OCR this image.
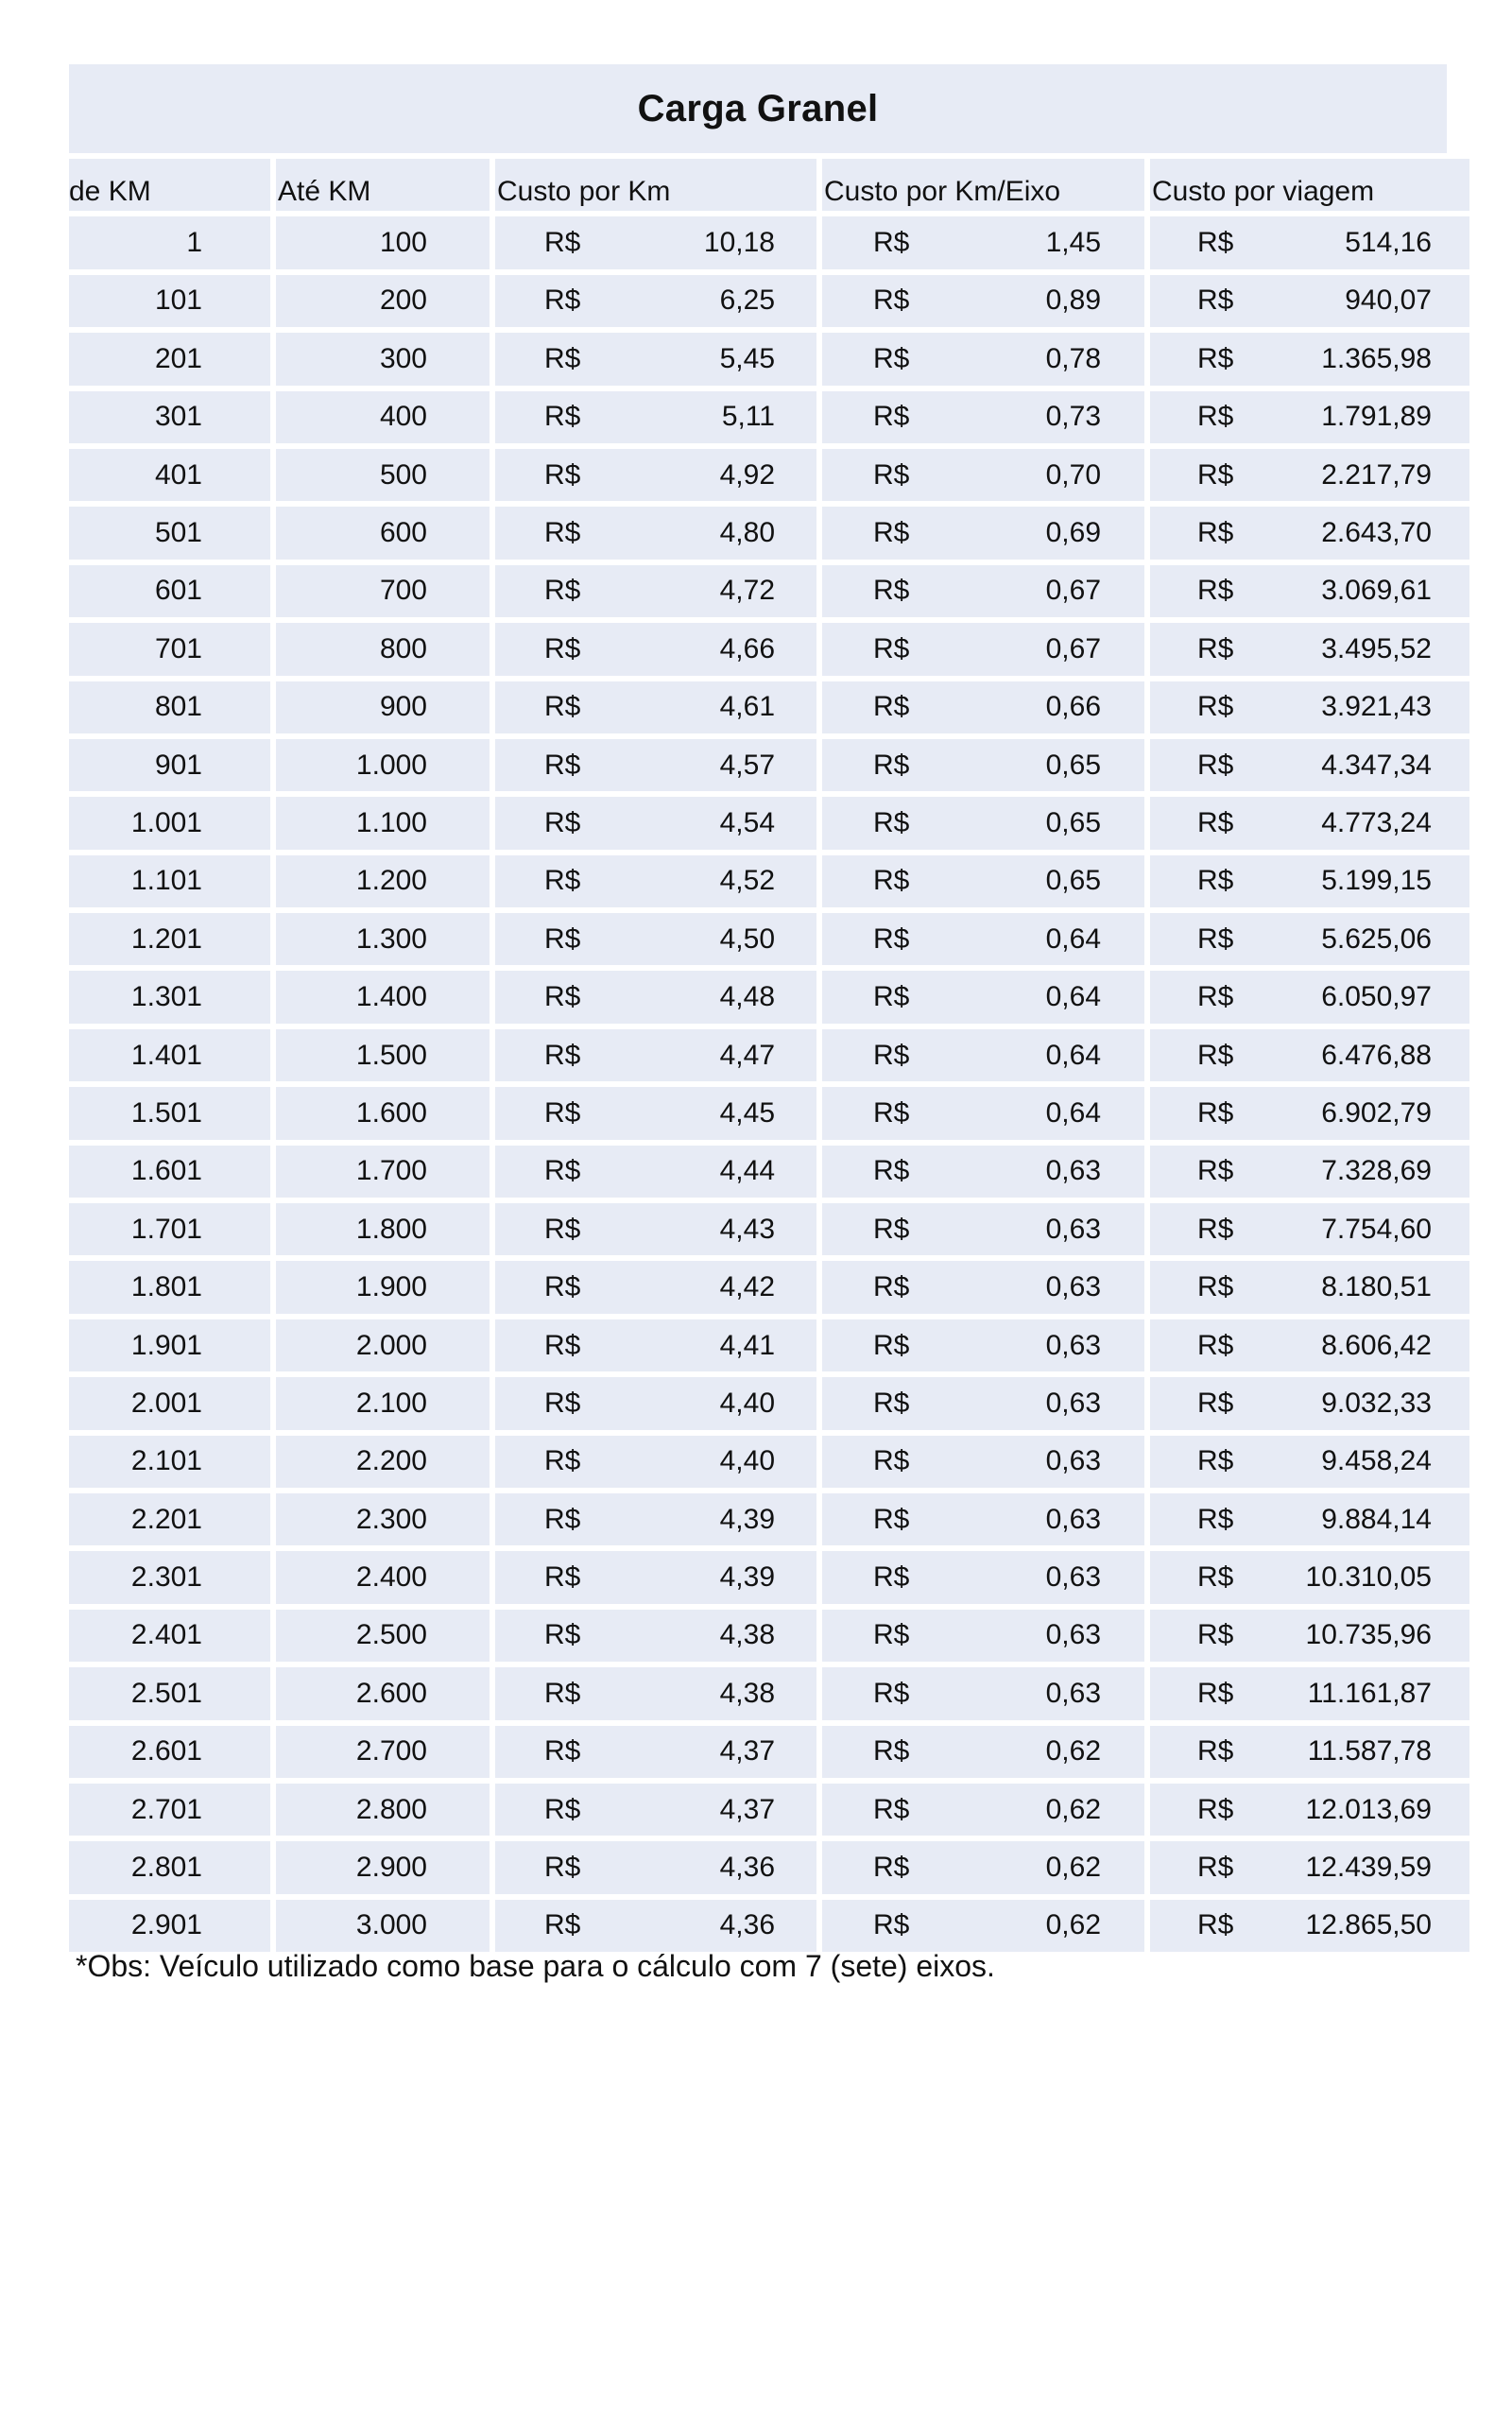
Carga Granel
de KM	Até KM	Custo por Km	Custo por Km/Eixo	Custo por viagem
1	100	R$	10,18	R$	1,45	R$	514,16
101	200	R$	6,25	R$	0,89	R$	940,07
201	300	R$	5,45	R$	0,78	R$	1.365,98
301	400	R$	5,11	R$	0,73	R$	1.791,89
401	500	R$	4,92	R$	0,70	R$	2.217,79
501	600	R$	4,80	R$	0,69	R$	2.643,70
601	700	R$	4,72	R$	0,67	R$	3.069,61
701	800	R$	4,66	R$	0,67	R$	3.495,52
801	900	R$	4,61	R$	0,66	R$	3.921,43
901	1.000	R$	4,57	R$	0,65	R$	4.347,34
1.001	1.100	R$	4,54	R$	0,65	R$	4.773,24
1.101	1.200	R$	4,52	R$	0,65	R$	5.199,15
1.201	1.300	R$	4,50	R$	0,64	R$	5.625,06
1.301	1.400	R$	4,48	R$	0,64	R$	6.050,97
1.401	1.500	R$	4,47	R$	0,64	R$	6.476,88
1.501	1.600	R$	4,45	R$	0,64	R$	6.902,79
1.601	1.700	R$	4,44	R$	0,63	R$	7.328,69
1.701	1.800	R$	4,43	R$	0,63	R$	7.754,60
1.801	1.900	R$	4,42	R$	0,63	R$	8.180,51
1.901	2.000	R$	4,41	R$	0,63	R$	8.606,42
2.001	2.100	R$	4,40	R$	0,63	R$	9.032,33
2.101	2.200	R$	4,40	R$	0,63	R$	9.458,24
2.201	2.300	R$	4,39	R$	0,63	R$	9.884,14
2.301	2.400	R$	4,39	R$	0,63	R$	10.310,05
2.401	2.500	R$	4,38	R$	0,63	R$	10.735,96
2.501	2.600	R$	4,38	R$	0,63	R$	11.161,87
2.601	2.700	R$	4,37	R$	0,62	R$	11.587,78
2.701	2.800	R$	4,37	R$	0,62	R$	12.013,69
2.801	2.900	R$	4,36	R$	0,62	R$	12.439,59
2.901	3.000	R$	4,36	R$	0,62	R$	12.865,50
*Obs: Veículo utilizado como base para o cálculo com 7 (sete) eixos.
